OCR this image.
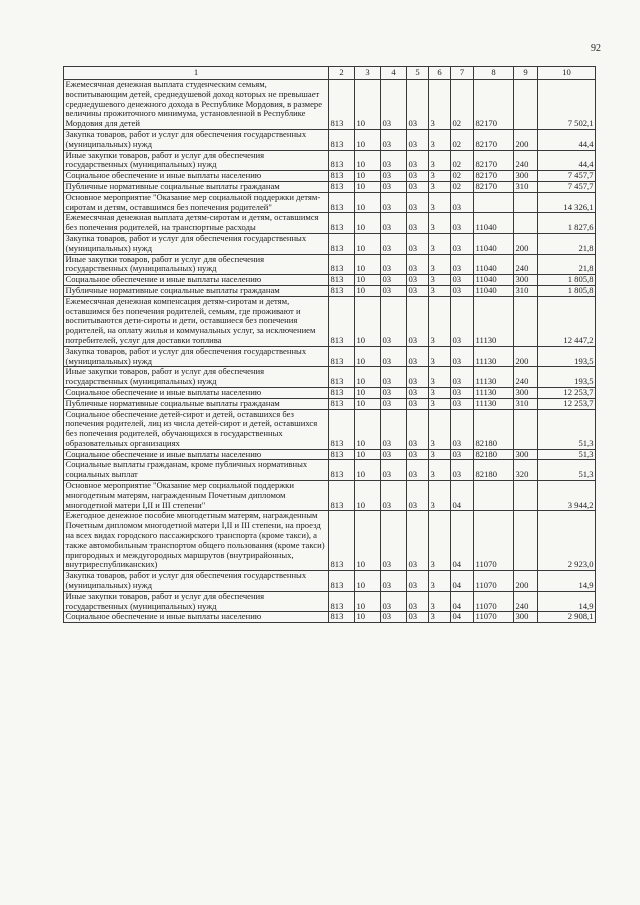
92
1	2	3	4	5	6	7	8	9	10
Ежемесячная денежная выплата студенческим семьям, воспитывающим детей, среднедушевой доход которых не превышает среднедушевого денежного дохода в Республике Мордовия, в размере величины прожиточного минимума, установленной в Республике Мордовия для детей	813	10	03	03	3	02	82170		7 502,1
Закупка товаров, работ и услуг для обеспечения государственных (муниципальных) нужд	813	10	03	03	3	02	82170	200	44,4
Иные закупки товаров, работ и услуг для обеспечения государственных (муниципальных) нужд	813	10	03	03	3	02	82170	240	44,4
Социальное обеспечение и иные выплаты населению	813	10	03	03	3	02	82170	300	7 457,7
Публичные нормативные социальные выплаты гражданам	813	10	03	03	3	02	82170	310	7 457,7
Основное мероприятие "Оказание мер социальной поддержки детям-сиротам и детям, оставшимся без попечения родителей"	813	10	03	03	3	03			14 326,1
Ежемесячная денежная выплата детям-сиротам и детям, оставшимся без попечения родителей, на транспортные расходы	813	10	03	03	3	03	11040		1 827,6
Закупка товаров, работ и услуг для обеспечения государственных (муниципальных) нужд	813	10	03	03	3	03	11040	200	21,8
Иные закупки товаров, работ и услуг для обеспечения государственных (муниципальных) нужд	813	10	03	03	3	03	11040	240	21,8
Социальное обеспечение и иные выплаты населению	813	10	03	03	3	03	11040	300	1 805,8
Публичные нормативные социальные выплаты гражданам	813	10	03	03	3	03	11040	310	1 805,8
Ежемесячная денежная компенсация детям-сиротам и детям, оставшимся без попечения родителей, семьям, где проживают и воспитываются дети-сироты и дети, оставшиеся без попечения родителей, на оплату жилья и коммунальных услуг, за исключением потребителей, услуг для доставки топлива	813	10	03	03	3	03	11130		12 447,2
Закупка товаров, работ и услуг для обеспечения государственных (муниципальных) нужд	813	10	03	03	3	03	11130	200	193,5
Иные закупки товаров, работ и услуг для обеспечения государственных (муниципальных) нужд	813	10	03	03	3	03	11130	240	193,5
Социальное обеспечение и иные выплаты населению	813	10	03	03	3	03	11130	300	12 253,7
Публичные нормативные социальные выплаты гражданам	813	10	03	03	3	03	11130	310	12 253,7
Социальное обеспечение детей-сирот и детей, оставшихся без попечения родителей, лиц из числа детей-сирот и детей, оставшихся без попечения родителей, обучающихся в государственных образовательных организациях	813	10	03	03	3	03	82180		51,3
Социальное обеспечение и иные выплаты населению	813	10	03	03	3	03	82180	300	51,3
Социальные выплаты гражданам, кроме публичных нормативных социальных выплат	813	10	03	03	3	03	82180	320	51,3
Основное мероприятие "Оказание мер социальной поддержки многодетным матерям, награжденным Почетным дипломом многодетной матери I,II и III степени"	813	10	03	03	3	04			3 944,2
Ежегодное денежное пособие многодетным матерям, награжденным Почетным дипломом многодетной матери I,II и III степени, на проезд на всех видах городского пассажирского транспорта (кроме такси), а также автомобильным транспортом общего пользования (кроме такси) пригородных и междугородных маршрутов (внутрирайонных, внутриреспубликанских)	813	10	03	03	3	04	11070		2 923,0
Закупка товаров, работ и услуг для обеспечения государственных (муниципальных) нужд	813	10	03	03	3	04	11070	200	14,9
Иные закупки товаров, работ и услуг для обеспечения государственных (муниципальных) нужд	813	10	03	03	3	04	11070	240	14,9
Социальное обеспечение и иные выплаты населению	813	10	03	03	3	04	11070	300	2 908,1
